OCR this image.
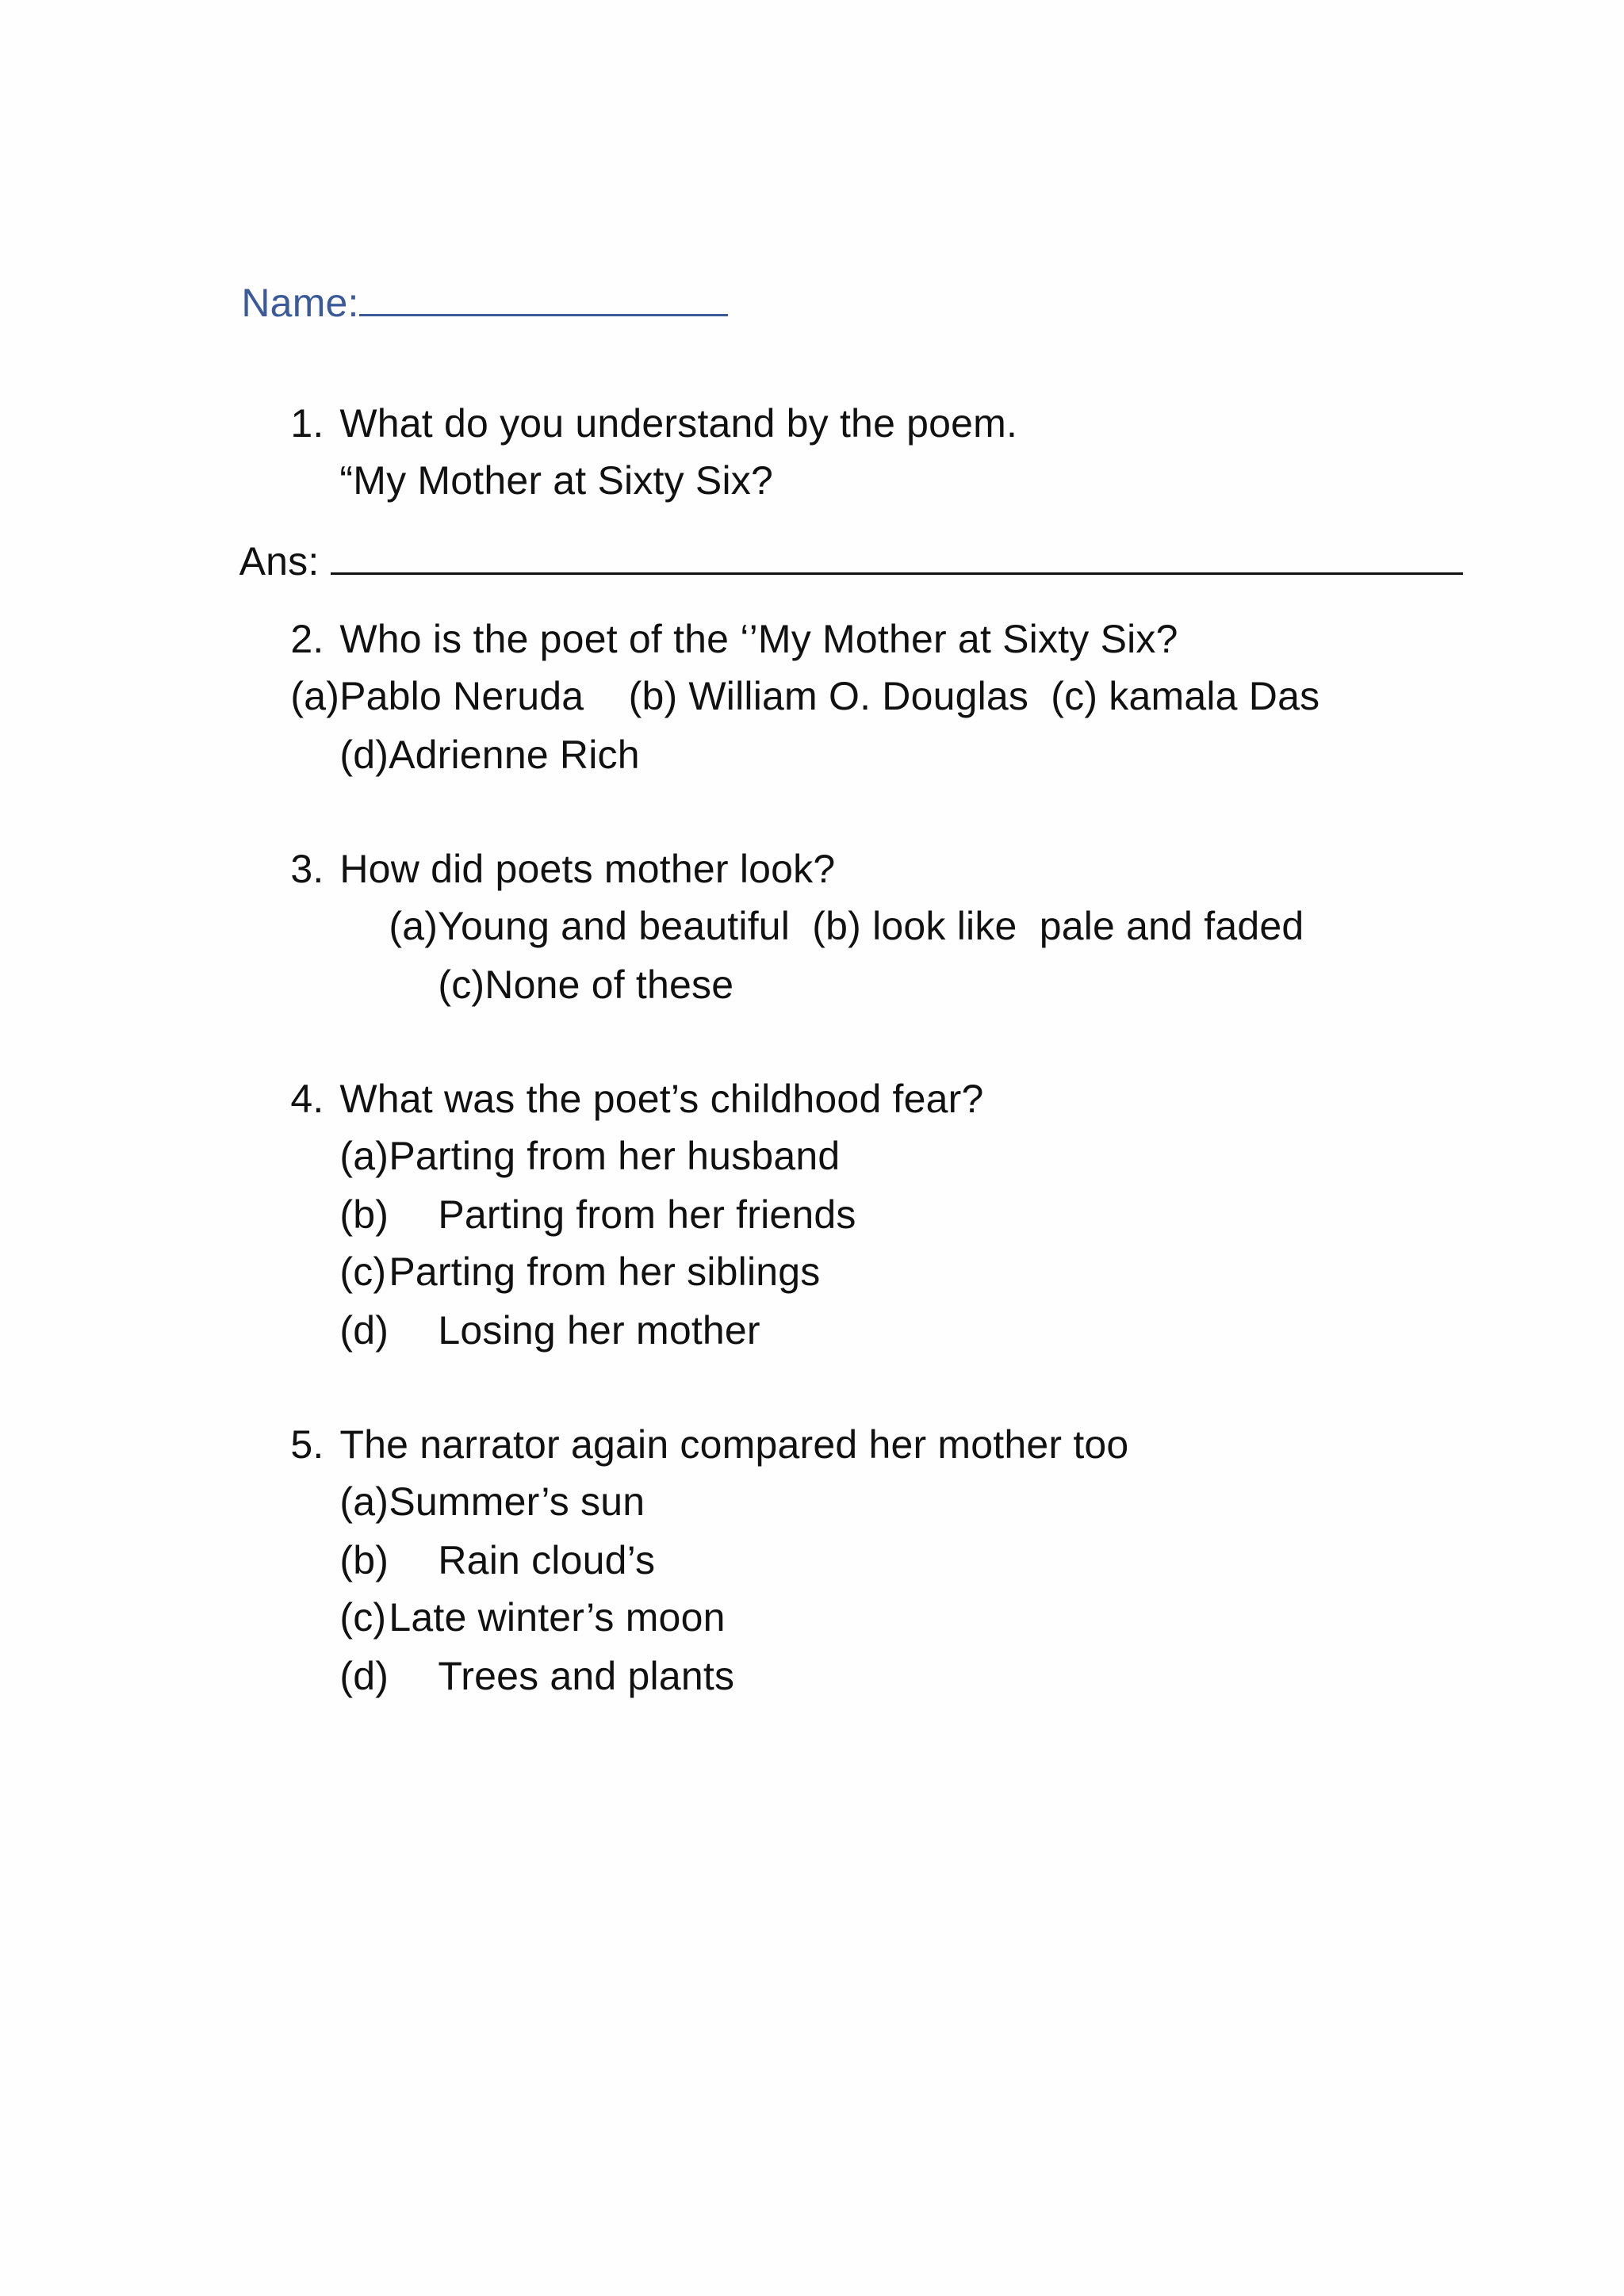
Name:

1. What do you understand by the poem.

“My Mother at Sixty Six?

Ans:

2. Who is the poet of the ‘’My Mother at Sixty Six?

(a)Pablo Neruda    (b) William O. Douglas  (c) kamala Das

(d)Adrienne Rich

3. How did poets mother look?

(a)Young and beautiful  (b) look like  pale and faded

(c)None of these

4. What was the poet’s childhood fear?

(a)Parting from her husband

(b) Parting from her friends

(c)Parting from her siblings

(d) Losing her mother

5. The narrator again compared her mother too

(a)Summer’s sun

(b) Rain cloud’s

(c)Late winter’s moon

(d) Trees and plants
